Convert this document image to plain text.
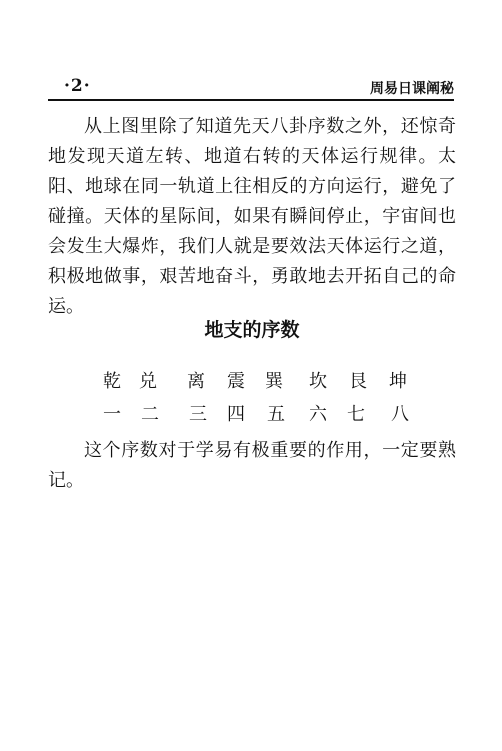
·2·	周易日课阐秘

从上图里除了知道先天八卦序数之外，还惊奇地发现天道左转、地道右转的天体运行规律。太阳、地球在同一轨道上往相反的方向运行，避免了碰撞。天体的星际间，如果有瞬间停止，宇宙间也会发生大爆炸，我们人就是要效法天体运行之道，积极地做事，艰苦地奋斗，勇敢地去开拓自己的命运。

地支的序数
乾 兑 离 震 巽 坎 艮 坤
一 二 三 四 五 六 七 八

这个序数对于学易有极重要的作用，一定要熟记。
